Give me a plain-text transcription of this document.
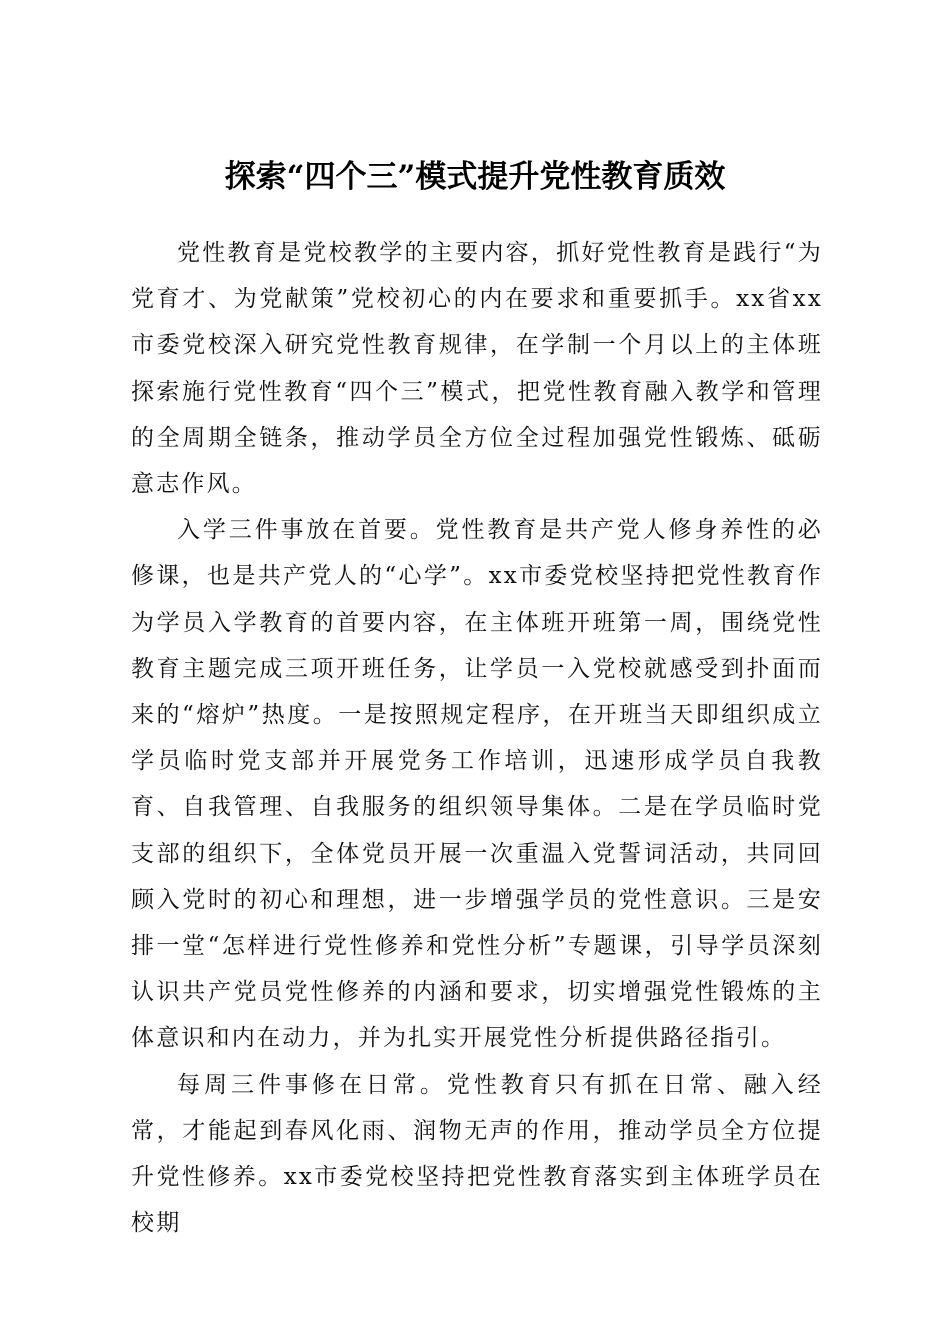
探索“四个三”模式提升党性教育质效

党性教育是党校教学的主要内容，抓好党性教育是践行“为党育才、为党献策”党校初心的内在要求和重要抓手。xx省xx市委党校深入研究党性教育规律，在学制一个月以上的主体班探索施行党性教育“四个三”模式，把党性教育融入教学和管理的全周期全链条，推动学员全方位全过程加强党性锻炼、砥砺意志作风。

入学三件事放在首要。党性教育是共产党人修身养性的必修课，也是共产党人的“心学”。xx市委党校坚持把党性教育作为学员入学教育的首要内容，在主体班开班第一周，围绕党性教育主题完成三项开班任务，让学员一入党校就感受到扑面而来的“熔炉”热度。一是按照规定程序，在开班当天即组织成立学员临时党支部并开展党务工作培训，迅速形成学员自我教育、自我管理、自我服务的组织领导集体。二是在学员临时党支部的组织下，全体党员开展一次重温入党誓词活动，共同回顾入党时的初心和理想，进一步增强学员的党性意识。三是安排一堂“怎样进行党性修养和党性分析”专题课，引导学员深刻认识共产党员党性修养的内涵和要求，切实增强党性锻炼的主体意识和内在动力，并为扎实开展党性分析提供路径指引。

每周三件事修在日常。党性教育只有抓在日常、融入经常，才能起到春风化雨、润物无声的作用，推动学员全方位提升党性修养。xx市委党校坚持把党性教育落实到主体班学员在校期
